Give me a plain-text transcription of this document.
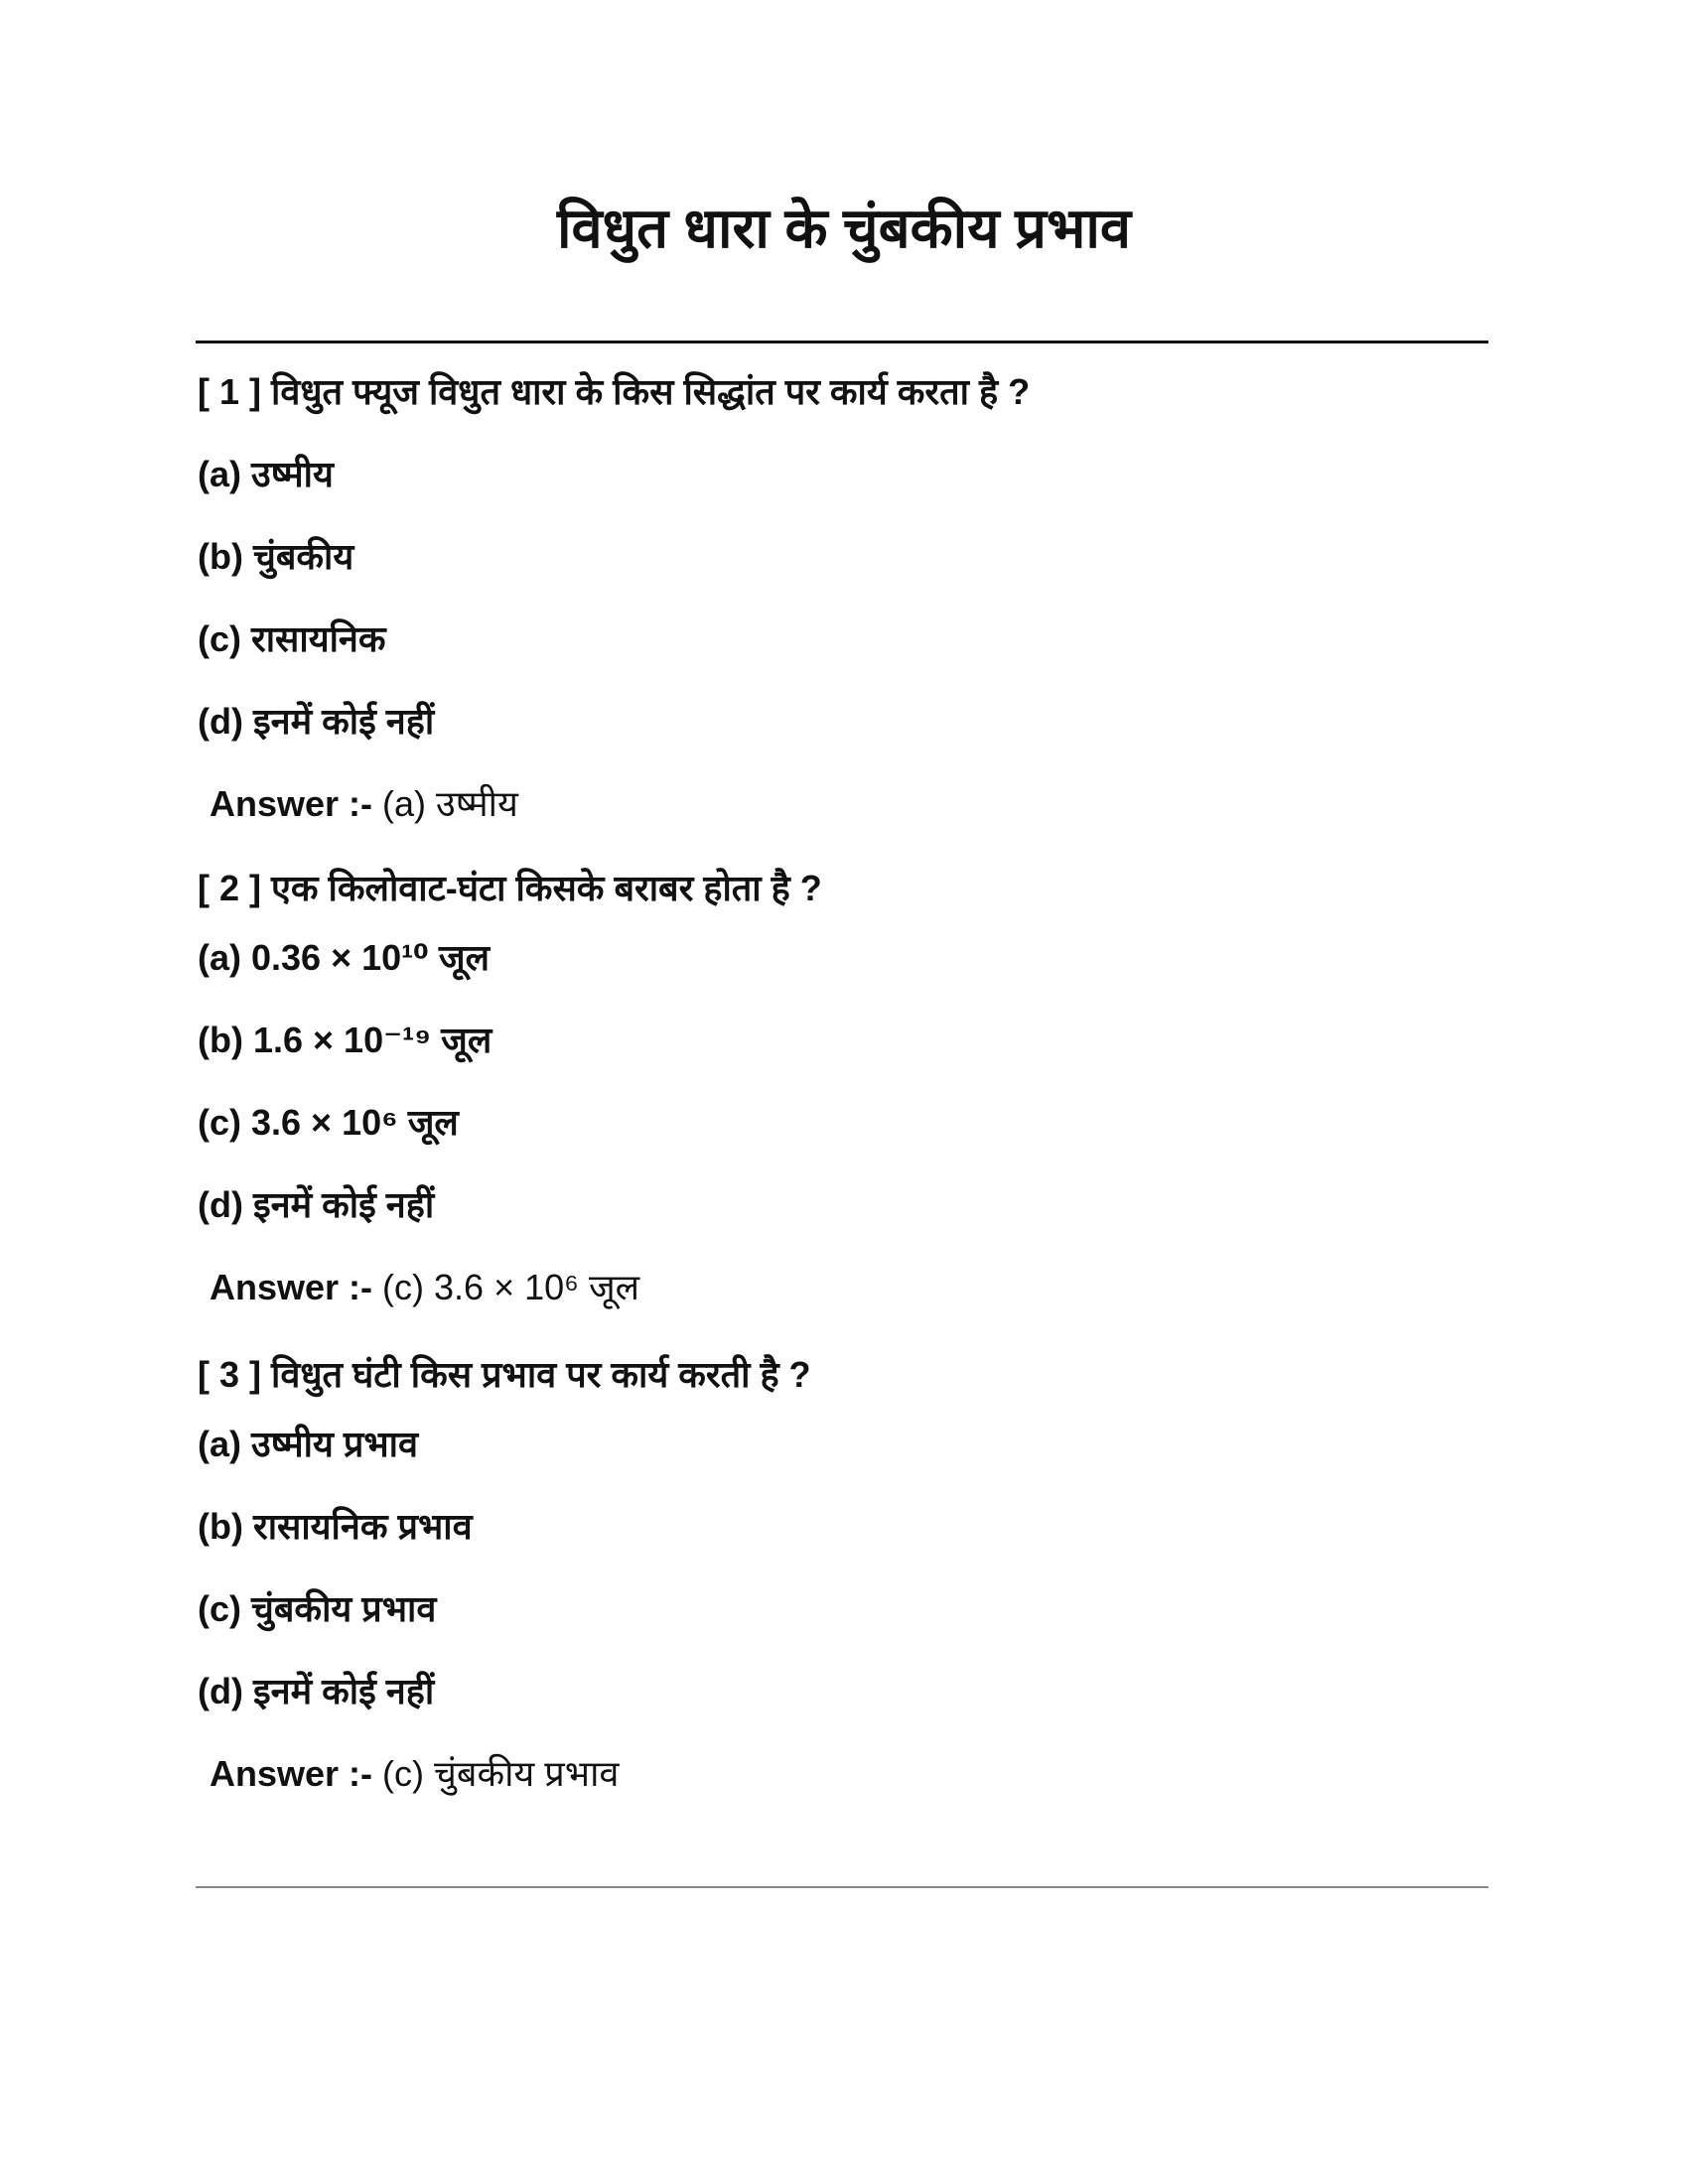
विधुत धारा के चुंबकीय प्रभाव
[ 1 ] विधुत फ्यूज विधुत धारा के किस सिद्धांत पर कार्य करता है ?
(a) उष्मीय
(b) चुंबकीय
(c) रासायनिक
(d) इनमें कोई नहीं
Answer :- (a) उष्मीय
[ 2 ] एक किलोवाट-घंटा किसके बराबर होता है ?
(a) 0.36 × 10¹⁰ जूल
(b) 1.6 × 10⁻¹⁹ जूल
(c) 3.6 × 10⁶ जूल
(d) इनमें कोई नहीं
Answer :- (c) 3.6 × 10⁶ जूल
[ 3 ] विधुत घंटी किस प्रभाव पर कार्य करती है ?
(a) उष्मीय प्रभाव
(b) रासायनिक प्रभाव
(c) चुंबकीय प्रभाव
(d) इनमें कोई नहीं
Answer :- (c) चुंबकीय प्रभाव
